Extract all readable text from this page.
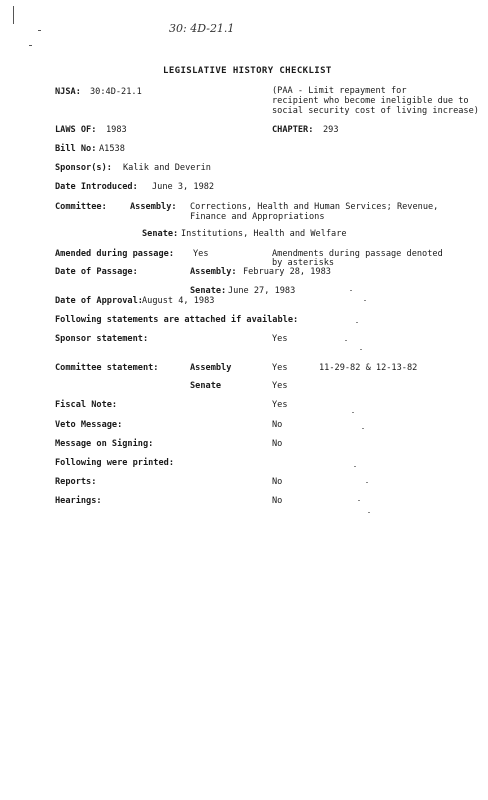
30: 4D-21.1
LEGISLATIVE HISTORY CHECKLIST
NJSA: 30:4D-21.1	(PAA - Limit repayment for
recipient who become ineligible due to
social security cost of living increase)
LAWS OF: 1983	CHAPTER: 293
Bill No: A1538
Sponsor(s): Kalik and Deverin
Date Introduced: June 3, 1982
Committee:	Assembly: Corrections, Health and Human Services; Revenue,
Finance and Appropriations
Senate: Institutions, Health and Welfare
Amended during passage: Yes	Amendments during passage denoted
by asterisks
Date of Passage:	Assembly: February 28, 1983
Senate: June 27, 1983
Date of Approval: August 4, 1983
Following statements are attached if available:
Sponsor statement:	Yes
Committee statement:	Assembly	Yes	11-29-82 & 12-13-82
Senate	Yes
Fiscal Note:	Yes
Veto Message:	No
Message on Signing:	No
Following were printed:
Reports:	No
Hearings:	No
